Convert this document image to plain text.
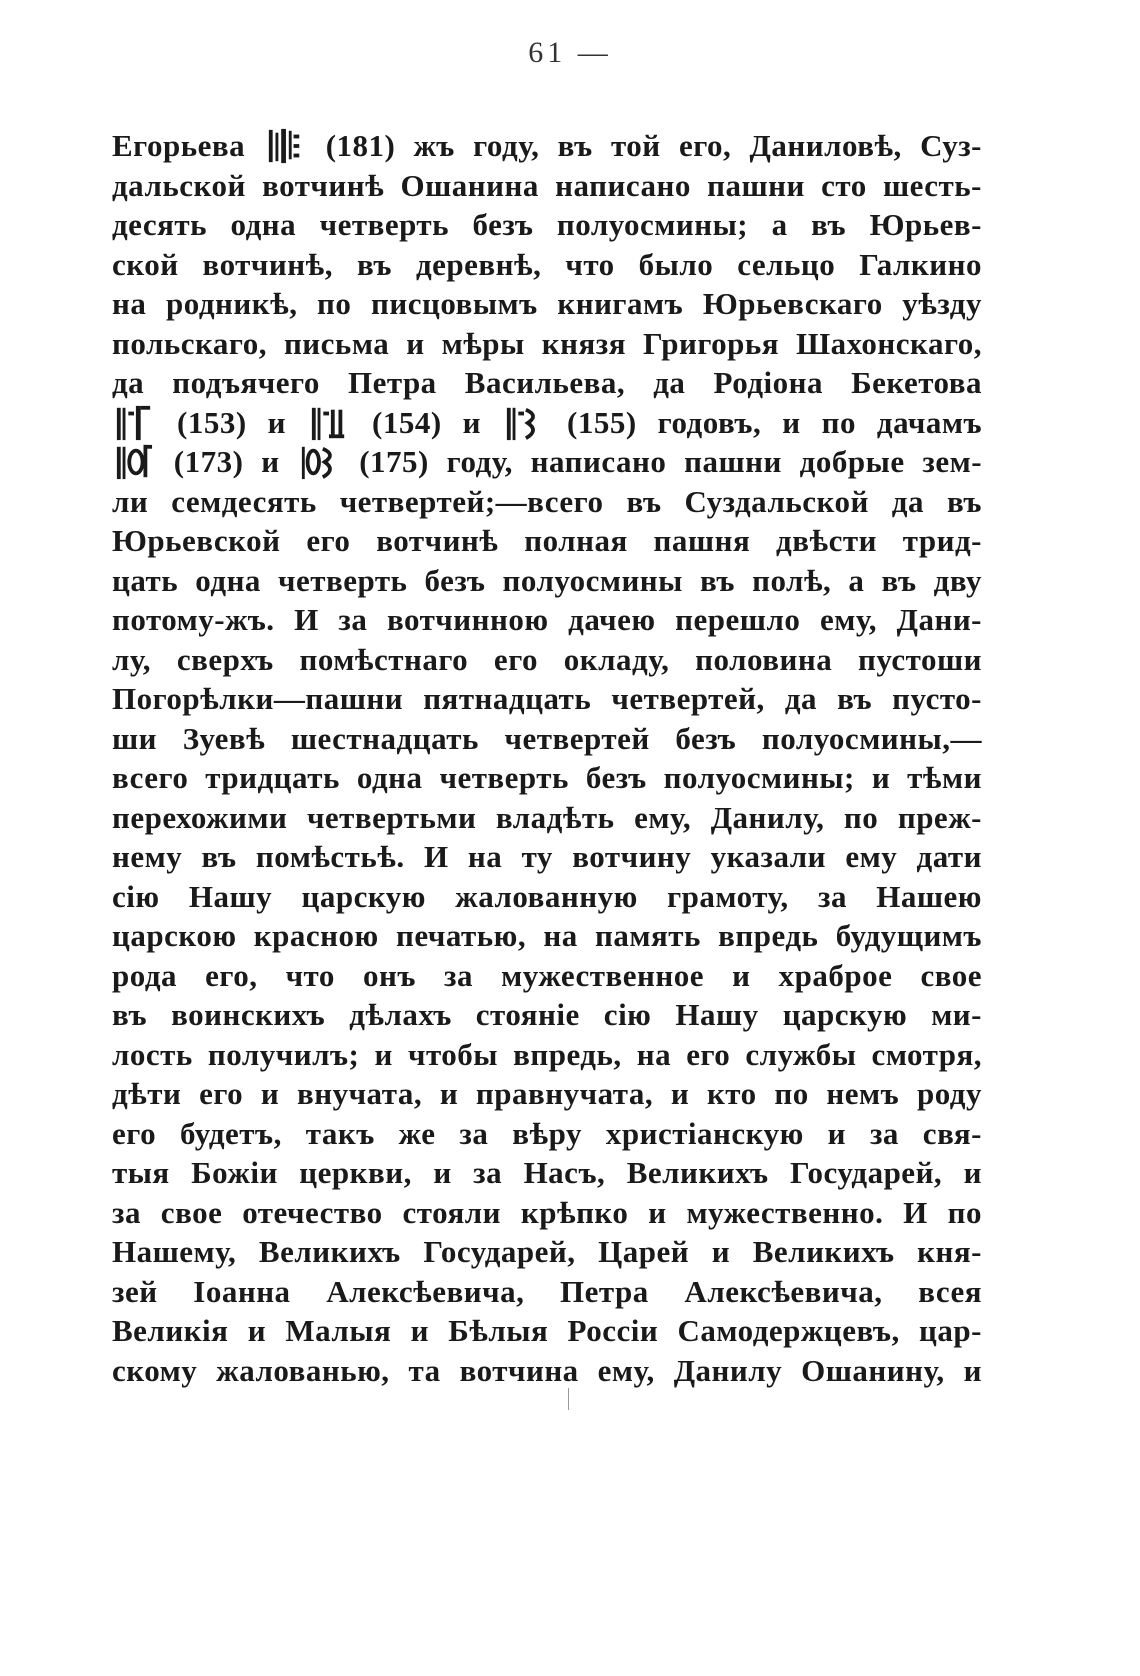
61 —
Егорьева	(181) жъ году, въ той его, Даниловѣ, Суз-
дальской вотчинѣ Ошанина написано пашни сто шесть-
десять одна четверть безъ полуосмины; а въ Юрьев-
ской вотчинѣ, въ деревнѣ, что было сельцо Галкино
на родникѣ, по писцовымъ книгамъ Юрьевскаго уѣзду
польскаго, письма и мѣры князя Григорья Шахонскаго,
да подъячего Петра Васильева, да Родіона Бекетова
(153) и	(154) и	(155) годовъ, и по дачамъ
(173) и	(175) году, написано пашни добрые зем-
ли семдесять четвертей;—всего въ Суздальской да въ
Юрьевской его вотчинѣ полная пашня двѣсти трид-
цать одна четверть безъ полуосмины въ полѣ, а въ дву
потому-жъ. И за вотчинною дачею перешло ему, Дани-
лу, сверхъ помѣстнаго его окладу, половина пустоши
Погорѣлки—пашни пятнадцать четвертей, да въ пусто-
ши Зуевѣ шестнадцать четвертей безъ полуосмины,—
всего тридцать одна четверть безъ полуосмины; и тѣми
перехожими четвертьми владѣть ему, Данилу, по преж-
нему въ помѣстьѣ. И на ту вотчину указали ему дати
сію Нашу царскую жалованную грамоту, за Нашею
царскою красною печатью, на память впредь будущимъ
рода его, что онъ за мужественное и храброе свое
въ воинскихъ дѣлахъ стояніе сію Нашу царскую ми-
лость получилъ; и чтобы впредь, на его службы смотря,
дѣти его и внучата, и правнучата, и кто по немъ роду
его будетъ, такъ же за вѣру христіанскую и за свя-
тыя Божіи церкви, и за Насъ, Великихъ Государей, и
за свое отечество стояли крѣпко и мужественно. И по
Нашему, Великихъ Государей, Царей и Великихъ кня-
зей Іоанна Алексѣевича, Петра Алексѣевича, всея
Великія и Малыя и Бѣлыя Россіи Самодержцевъ, цар-
скому жалованью, та вотчина ему, Данилу Ошанину, и
